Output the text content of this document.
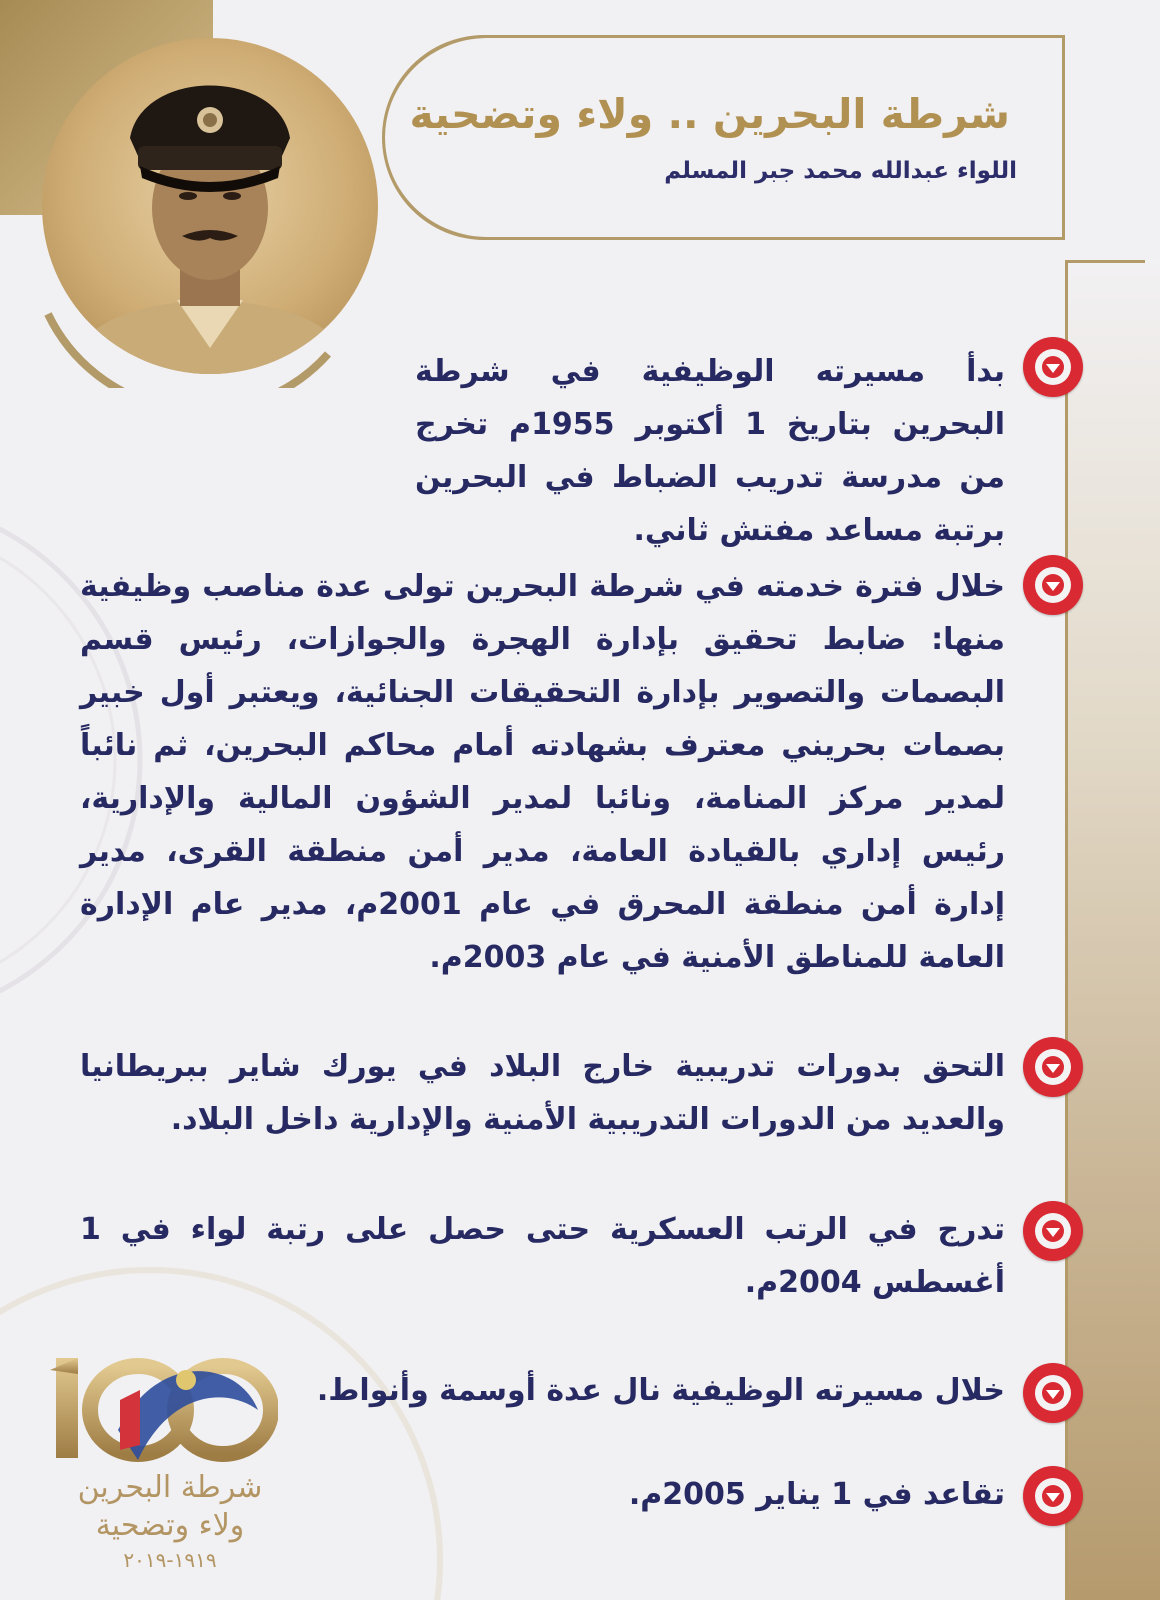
شرطة البحرين .. ولاء وتضحية
اللواء عبدالله محمد جبر المسلم
بدأ مسيرته الوظيفية في شرطة البحرين بتاريخ 1 أكتوبر 1955م تخرج من مدرسة تدريب الضباط في البحرين برتبة مساعد مفتش ثاني.
خلال فترة خدمته في شرطة البحرين تولى عدة مناصب وظيفية منها: ضابط تحقيق بإدارة الهجرة والجوازات، رئيس قسم البصمات والتصوير بإدارة التحقيقات الجنائية، ويعتبر أول خبير بصمات بحريني معترف بشهادته أمام محاكم البحرين، ثم نائباً لمدير مركز المنامة، ونائبا لمدير الشؤون المالية والإدارية، رئيس إداري بالقيادة العامة، مدير أمن منطقة القرى، مدير إدارة أمن منطقة المحرق في عام 2001م، مدير عام الإدارة العامة للمناطق الأمنية في عام 2003م.
التحق بدورات تدريبية خارج البلاد في يورك شاير ببريطانيا والعديد من الدورات التدريبية الأمنية والإدارية داخل البلاد.
تدرج في الرتب العسكرية حتى حصل على رتبة لواء في 1 أغسطس 2004م.
خلال مسيرته الوظيفية نال عدة أوسمة وأنواط.
تقاعد في 1 يناير 2005م.
شرطة البحرين
ولاء وتضحية
١٩١٩-٢٠١٩
